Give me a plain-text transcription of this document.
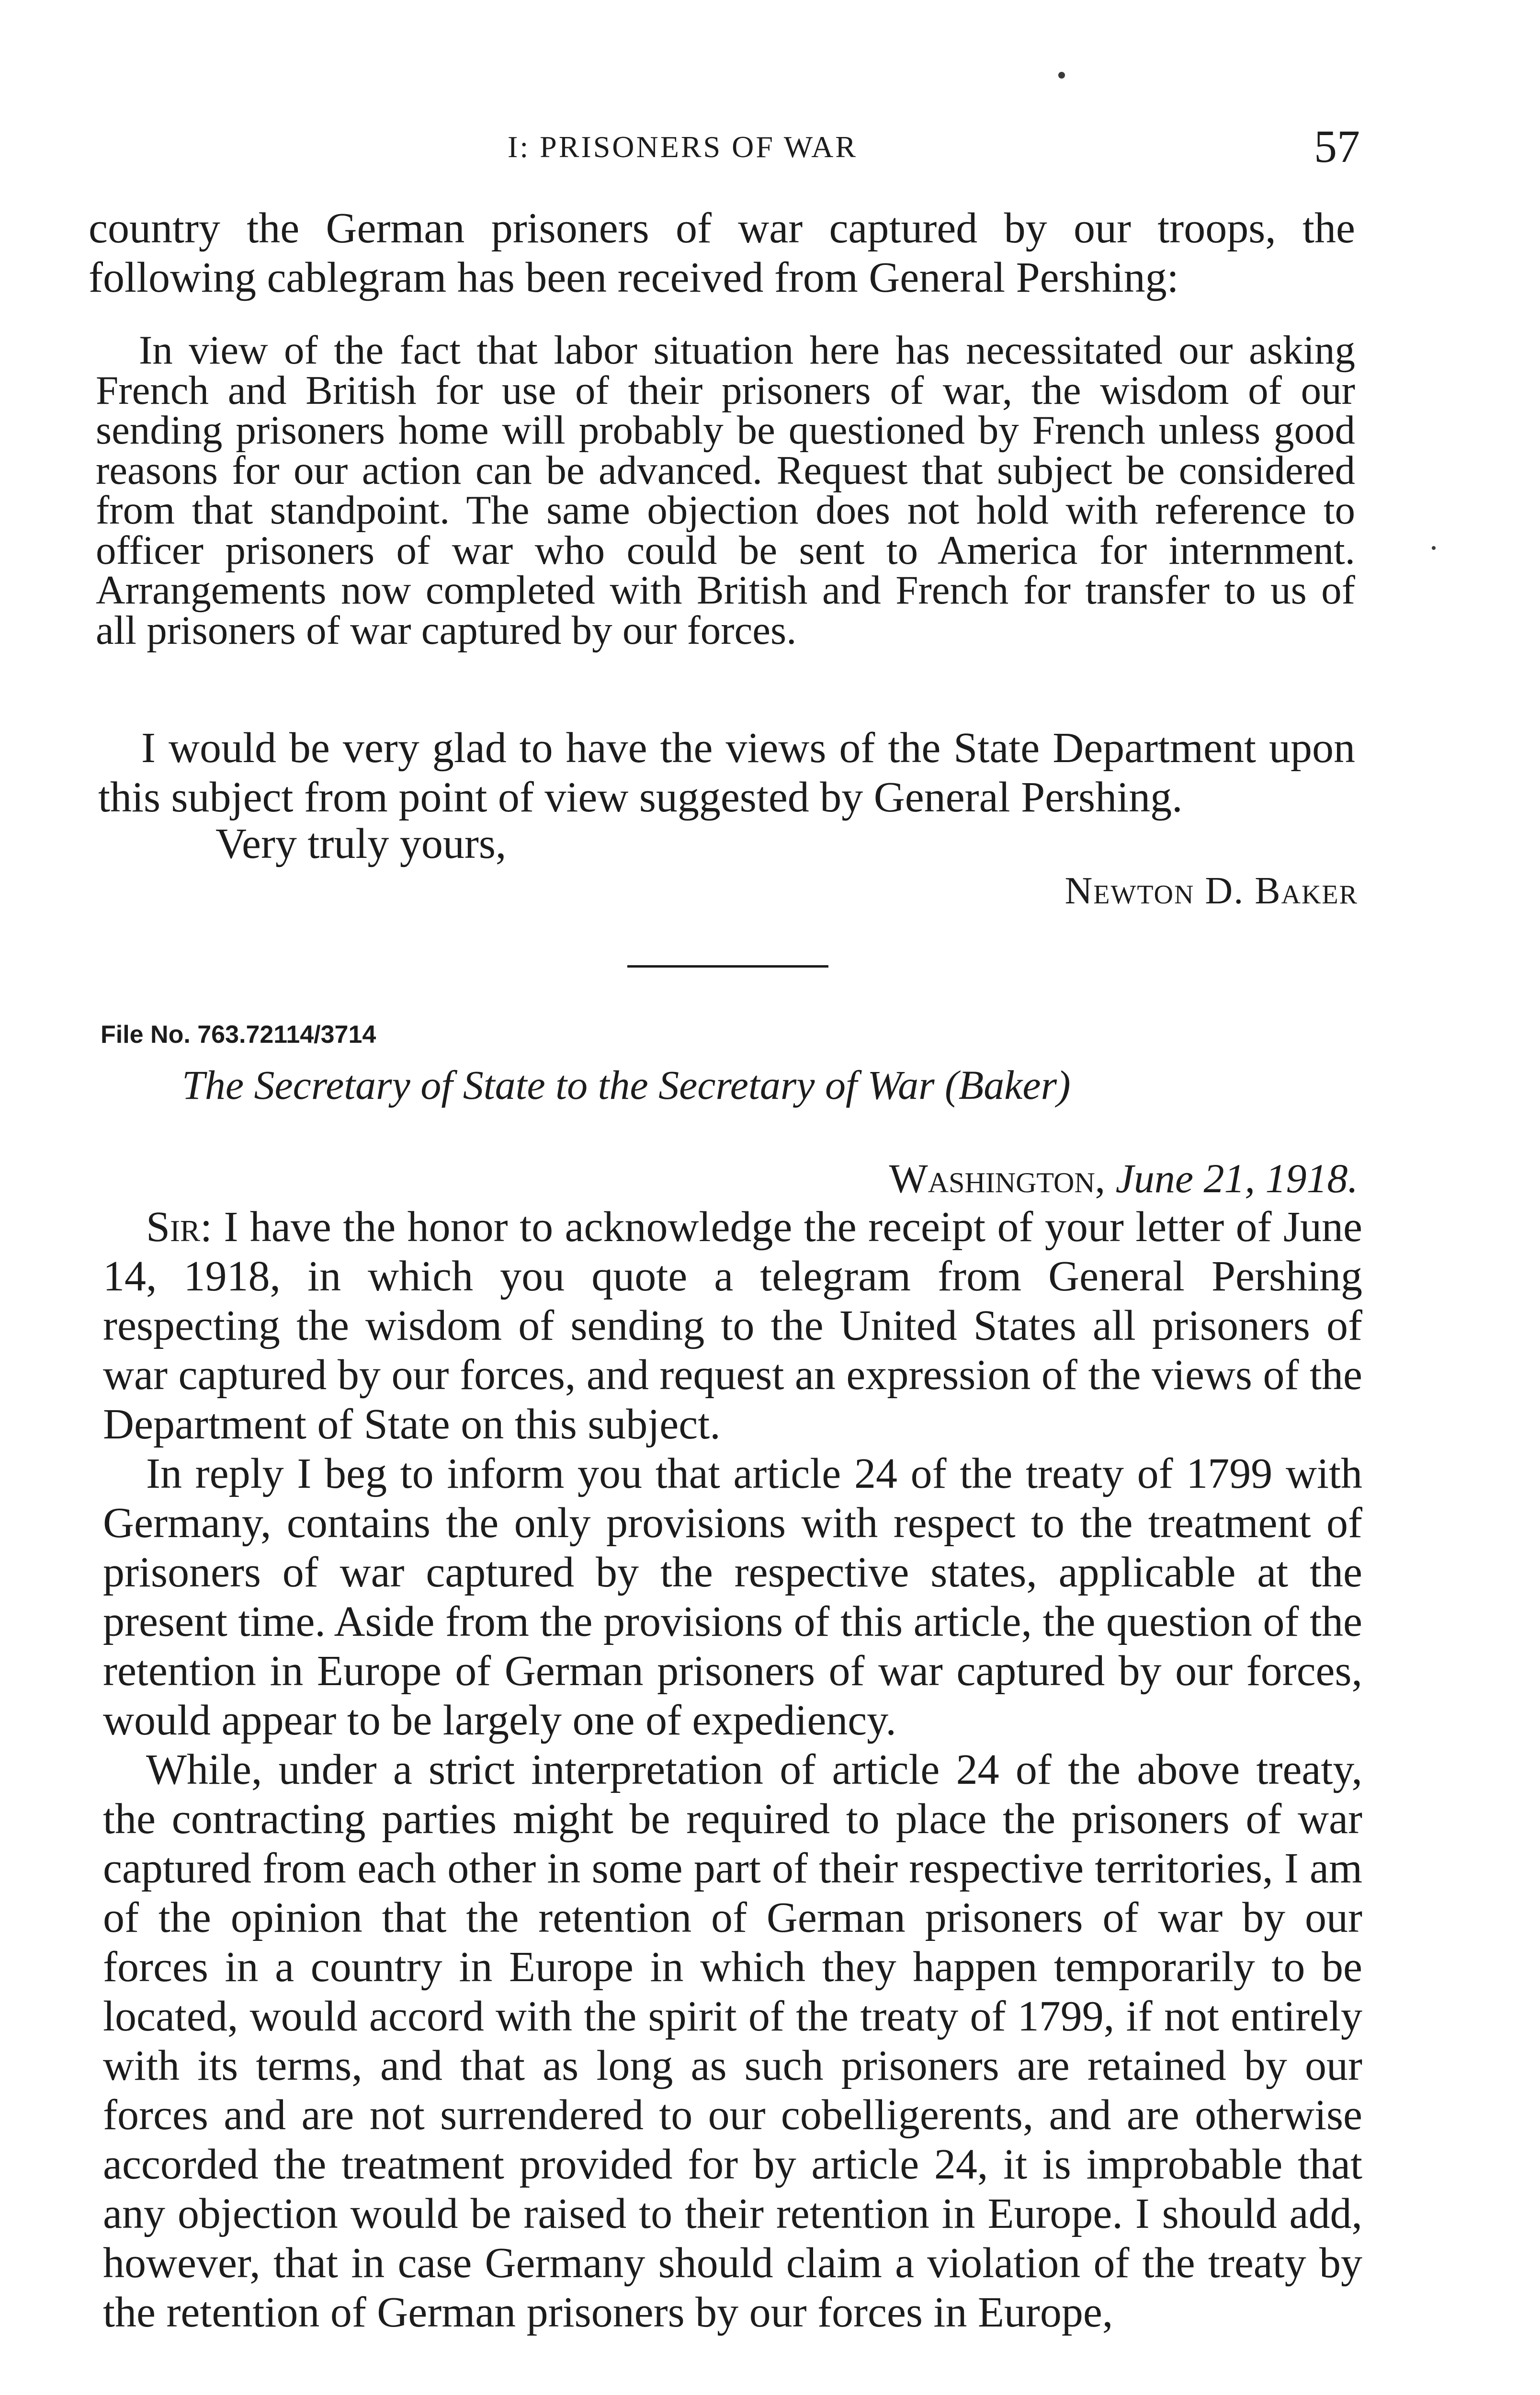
I: PRISONERS OF WAR	57

country the German prisoners of war captured by our troops, the following cablegram has been received from General Pershing:

In view of the fact that labor situation here has necessitated our asking French and British for use of their prisoners of war, the wisdom of our sending prisoners home will probably be questioned by French unless good reasons for our action can be advanced. Request that subject be considered from that standpoint. The same objection does not hold with reference to officer prisoners of war who could be sent to America for internment. Arrangements now completed with British and French for transfer to us of all prisoners of war captured by our forces.

I would be very glad to have the views of the State Department upon this subject from point of view suggested by General Pershing.

Very truly yours,
Newton D. Baker
File No. 763.72114/3714
The Secretary of State to the Secretary of War (Baker)
Washington, June 21, 1918.

Sir: I have the honor to acknowledge the receipt of your letter of June 14, 1918, in which you quote a telegram from General Pershing respecting the wisdom of sending to the United States all prisoners of war captured by our forces, and request an expression of the views of the Department of State on this subject.

In reply I beg to inform you that article 24 of the treaty of 1799 with Germany, contains the only provisions with respect to the treatment of prisoners of war captured by the respective states, applicable at the present time. Aside from the provisions of this article, the question of the retention in Europe of German prisoners of war captured by our forces, would appear to be largely one of expediency.

While, under a strict interpretation of article 24 of the above treaty, the contracting parties might be required to place the prisoners of war captured from each other in some part of their respective territories, I am of the opinion that the retention of German prisoners of war by our forces in a country in Europe in which they happen temporarily to be located, would accord with the spirit of the treaty of 1799, if not entirely with its terms, and that as long as such prisoners are retained by our forces and are not surrendered to our cobelligerents, and are otherwise accorded the treatment provided for by article 24, it is improbable that any objection would be raised to their retention in Europe. I should add, however, that in case Germany should claim a violation of the treaty by the retention of German prisoners by our forces in Europe,
